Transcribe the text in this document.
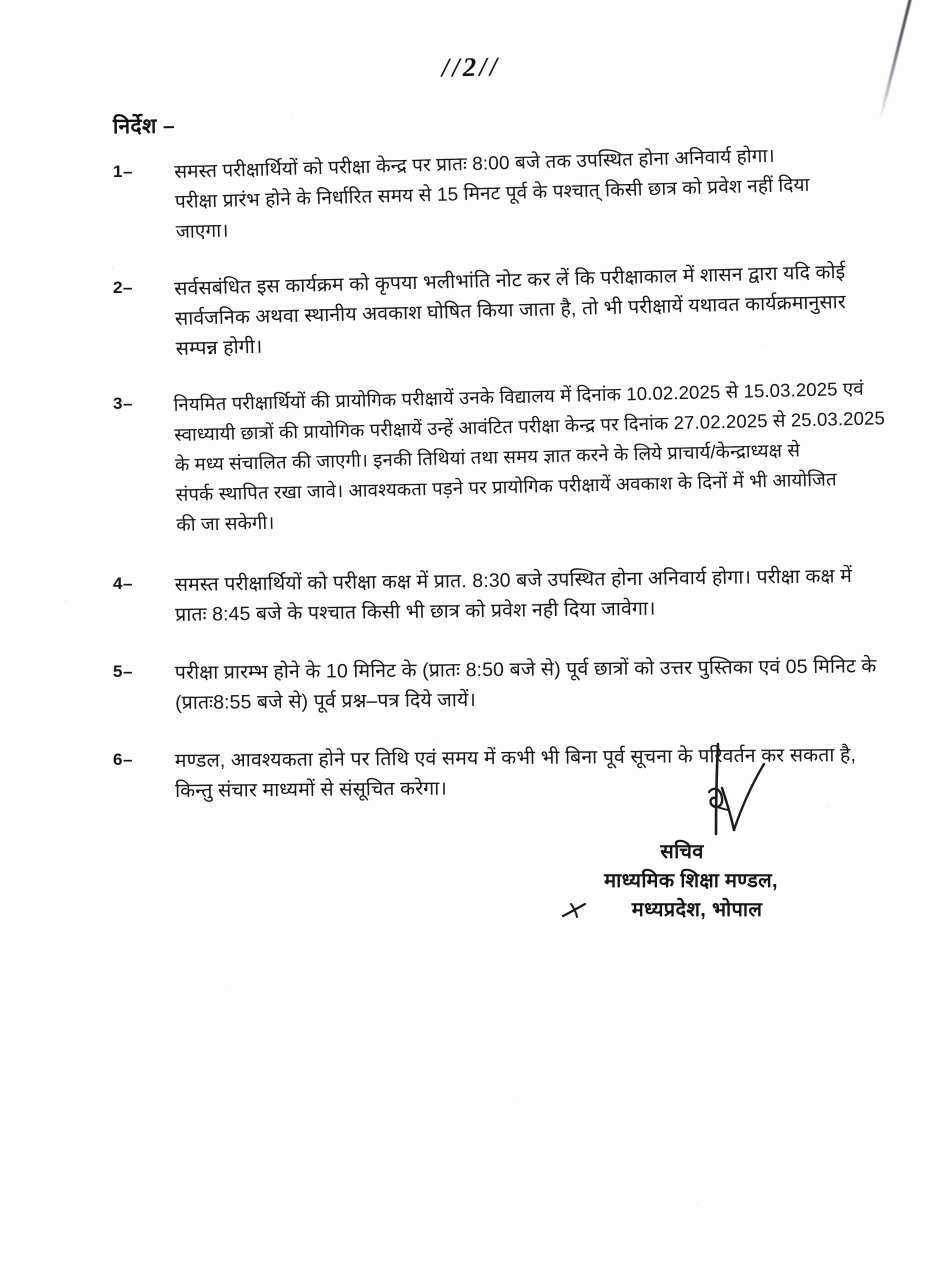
//2//
निर्देश –
1–	समस्त परीक्षार्थियों को परीक्षा केन्द्र पर प्रातः 8:00 बजे तक उपस्थित होना अनिवार्य होगा।
परीक्षा प्रारंभ होने के निर्धारित समय से 15 मिनट पूर्व के पश्चात् किसी छात्र को प्रवेश नहीं दिया
जाएगा।
2–	सर्वसबंधित इस कार्यक्रम को कृपया भलीभांति नोट कर लें कि परीक्षाकाल में शासन द्वारा यदि कोई
सार्वजनिक अथवा स्थानीय अवकाश घोषित किया जाता है, तो भी परीक्षायें यथावत कार्यक्रमानुसार
सम्पन्न होगी।
3–	नियमित परीक्षार्थियों की प्रायोगिक परीक्षायें उनके विद्यालय में दिनांक 10.02.2025 से 15.03.2025 एवं
स्वाध्यायी छात्रों की प्रायोगिक परीक्षायें उन्हें आवंटित परीक्षा केन्द्र पर दिनांक 27.02.2025 से 25.03.2025
के मध्य संचालित की जाएगी। इनकी तिथियां तथा समय ज्ञात करने के लिये प्राचार्य/केन्द्राध्यक्ष से
संपर्क स्थापित रखा जावे। आवश्यकता पड़ने पर प्रायोगिक परीक्षायें अवकाश के दिनों में भी आयोजित
की जा सकेगी।
4–	समस्त परीक्षार्थियों को परीक्षा कक्ष में प्रात. 8:30 बजे उपस्थित होना अनिवार्य होगा। परीक्षा कक्ष में
प्रातः 8:45 बजे के पश्चात किसी भी छात्र को प्रवेश नही दिया जावेगा।
5–	परीक्षा प्रारम्भ होने के 10 मिनिट के (प्रातः 8:50 बजे से) पूर्व छात्रों को उत्तर पुस्तिका एवं 05 मिनिट के
(प्रातः8:55 बजे से) पूर्व प्रश्न–पत्र दिये जायें।
6–	मण्डल, आवश्यकता होने पर तिथि एवं समय में कभी भी बिना पूर्व सूचना के परिवर्तन कर सकता है,
किन्तु संचार माध्यमों से संसूचित करेगा।
सचिव
माध्यमिक शिक्षा मण्डल,
मध्यप्रदेश, भोपाल
